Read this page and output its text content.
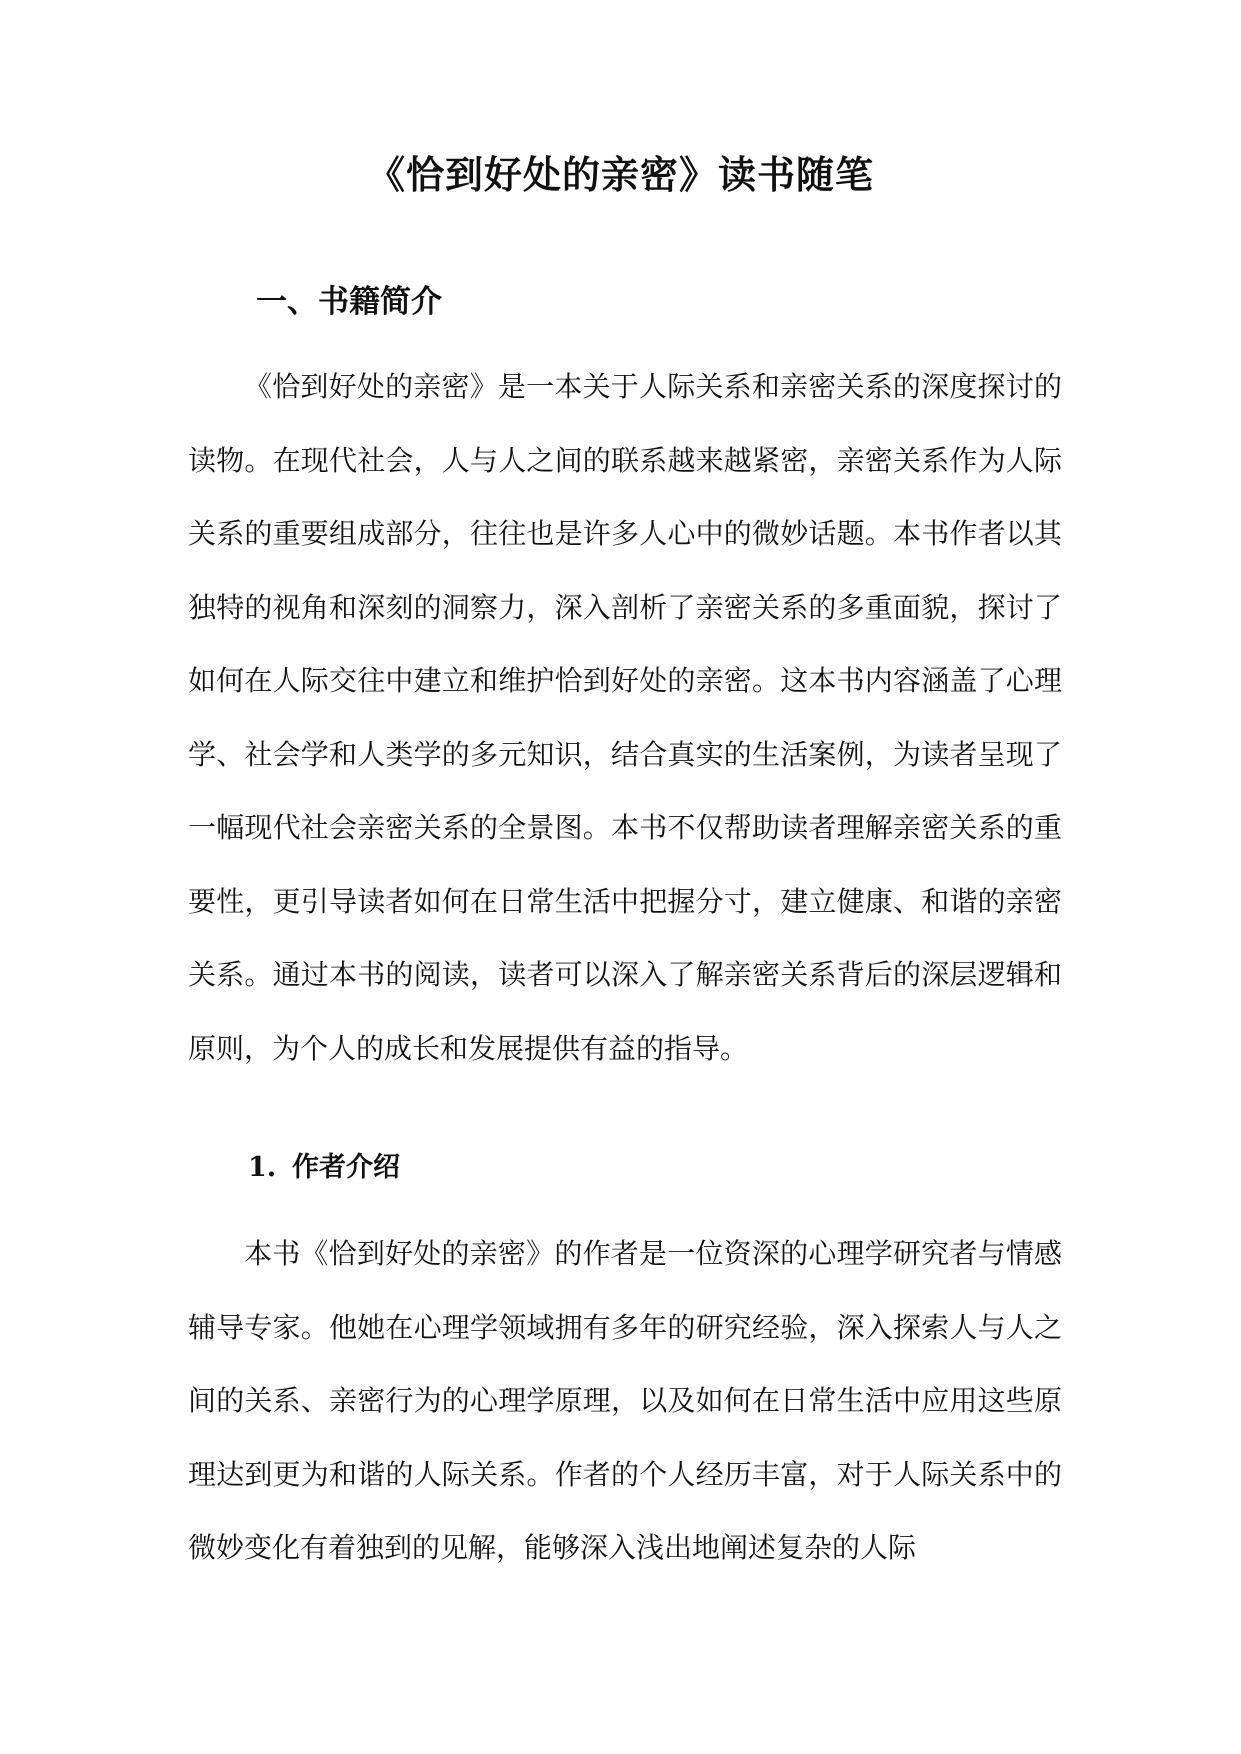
《恰到好处的亲密》读书随笔
一、书籍简介

《恰到好处的亲密》是一本关于人际关系和亲密关系的深度探讨的读物。在现代社会，人与人之间的联系越来越紧密，亲密关系作为人际关系的重要组成部分，往往也是许多人心中的微妙话题。本书作者以其独特的视角和深刻的洞察力，深入剖析了亲密关系的多重面貌，探讨了如何在人际交往中建立和维护恰到好处的亲密。这本书内容涵盖了心理学、社会学和人类学的多元知识，结合真实的生活案例，为读者呈现了一幅现代社会亲密关系的全景图。本书不仅帮助读者理解亲密关系的重要性，更引导读者如何在日常生活中把握分寸，建立健康、和谐的亲密关系。通过本书的阅读，读者可以深入了解亲密关系背后的深层逻辑和原则，为个人的成长和发展提供有益的指导。

1. 作者介绍

本书《恰到好处的亲密》的作者是一位资深的心理学研究者与情感辅导专家。他她在心理学领域拥有多年的研究经验，深入探索人与人之间的关系、亲密行为的心理学原理，以及如何在日常生活中应用这些原理达到更为和谐的人际关系。作者的个人经历丰富，对于人际关系中的微妙变化有着独到的见解，能够深入浅出地阐述复杂的人际
